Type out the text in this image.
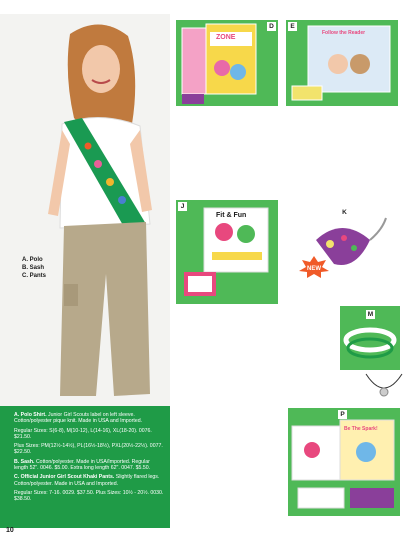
A. Polo
B. Sash
C. Pants
A. Polo Shirt. Junior Girl Scouts label on left sleeve. Cotton/polyester pique knit. Made in USA and Imported.
Regular Sizes: S(6-8), M(10-12), L(14-16), XL(18-20). 0076. $21.50.
Plus Sizes: PM(12½-14½), PL(16½-18½), PXL(20½-22½). 0077. $22.50.
B. Sash. Cotton/polyester. Made in USA/Imported. Regular length 52". 0046. $5.00. Extra long length 62". 0047. $5.50.
C. Official Junior Girl Scout Khaki Pants. Slightly flared legs. Cotton/polyester. Made in USA and Imported.
Regular Sizes: 7-16. 0029. $37.50. Plus Sizes: 10½ - 20½. 0030. $38.50.
10
D
ZONE
E
Follow the Reader
D. In the Zone: Living Drug Free. Encourages girls to find their "zone" by living a healthy and drug free life. An accompanying adult guide provides advisors and parents with the tools they need to help young people stay drug free.
Guide for Adults. 26005. $2.00.
Junior Booklet. 26062. $3.00.
Junior Photo Patch. 26705. 90¢.
E. Follow The Reader: A Bilingual Girl Scout Family Reading Project. Based on the five objectives of the White House literacy initiative No Child Left Behind: phonemic awareness, phonics, fluency, vocabulary and comprehension.
Follow The Reader Bilingual Book. 26053. $5.95.
Follow The Reader Patch. 26859. 90¢.
J
Fit & Fun	K
NEW
J. For Junior Girl Scouts: GirlSports-Fit & Fun Adult Guide and Activity Cards. This exciting sports and fitness project is for girls ages 9-11. Fit and Fun has ten different skill sets activity cards for jumping rope, fitness fun, throwing and catching, kicking, volleying, batting, dribbling and passing, and team building. Also included is an adult guide, a poster, tracking grid. 26155. $15.50.
Fit & Fun Patch. 26156. 75¢.
K. NEW! Leatherette Keychain. This big keychain with heavy-duty hook is great to hang on a belt loop or on your backpack. Imported. 11443. $4.50.
L. Junior Girl Scout Bunchie. Polyester/cotton knit. Made in USA and Imported. 12372. $4.25.
M. Junior Girl Scout Stretch Hairbands. Two wide printed bands and two thin solid bands in jade and pink. Made in the USA and Imported. 12373. $3.50. Pkg. of 4.
N. Junior Girl Scout Necklace. Silvertone charms on black cord necklace. Approximately 16" with adjustable extension. 12057. $10.00.
M
P
Be The Spark!
